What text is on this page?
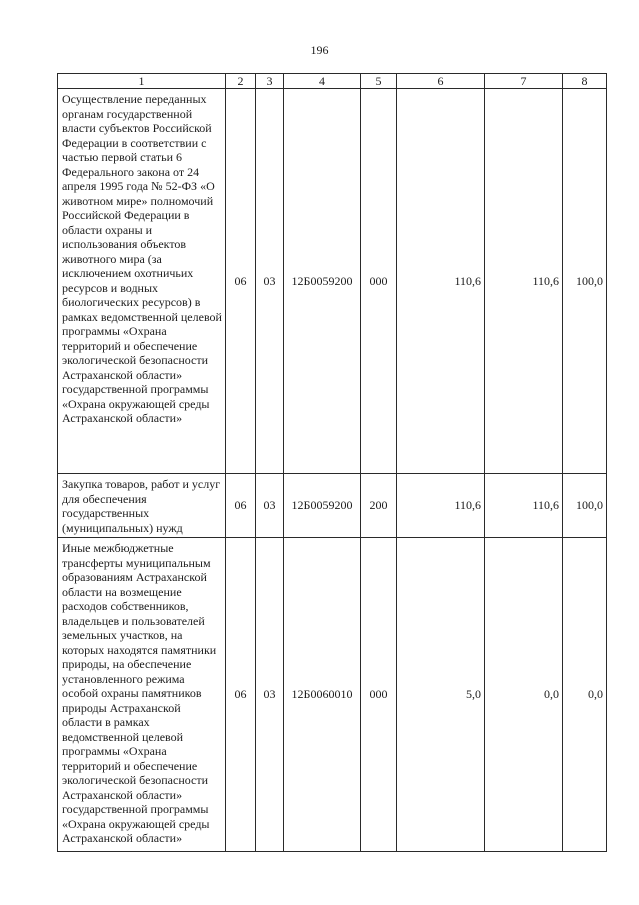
196
1	2	3	4	5	6	7	8
Осуществление переданных органам государственной власти субъектов Российской Федерации в соответствии с частью первой статьи 6 Федерального закона от 24 апреля 1995 года № 52-ФЗ «О животном мире» полномочий Российской Федерации в области охраны и использования объектов животного мира (за исключением охотничьих ресурсов и водных биологических ресурсов) в рамках ведомственной целевой программы «Охрана территорий и обеспечение экологической безопасности Астраханской области» государственной программы «Охрана окружающей среды Астраханской области»	06	03	12Б0059200	000	110,6	110,6	100,0
Закупка товаров, работ и услуг для обеспечения государственных (муниципальных) нужд	06	03	12Б0059200	200	110,6	110,6	100,0
Иные межбюджетные трансферты муниципальным образованиям Астраханской области на возмещение расходов собственников, владельцев и пользователей земельных участков, на которых находятся памятники природы, на обеспечение установленного режима особой охраны памятников природы Астраханской области в рамках ведомственной целевой программы «Охрана территорий и обеспечение экологической безопасности Астраханской области» государственной программы «Охрана окружающей среды Астраханской области»	06	03	12Б0060010	000	5,0	0,0	0,0
